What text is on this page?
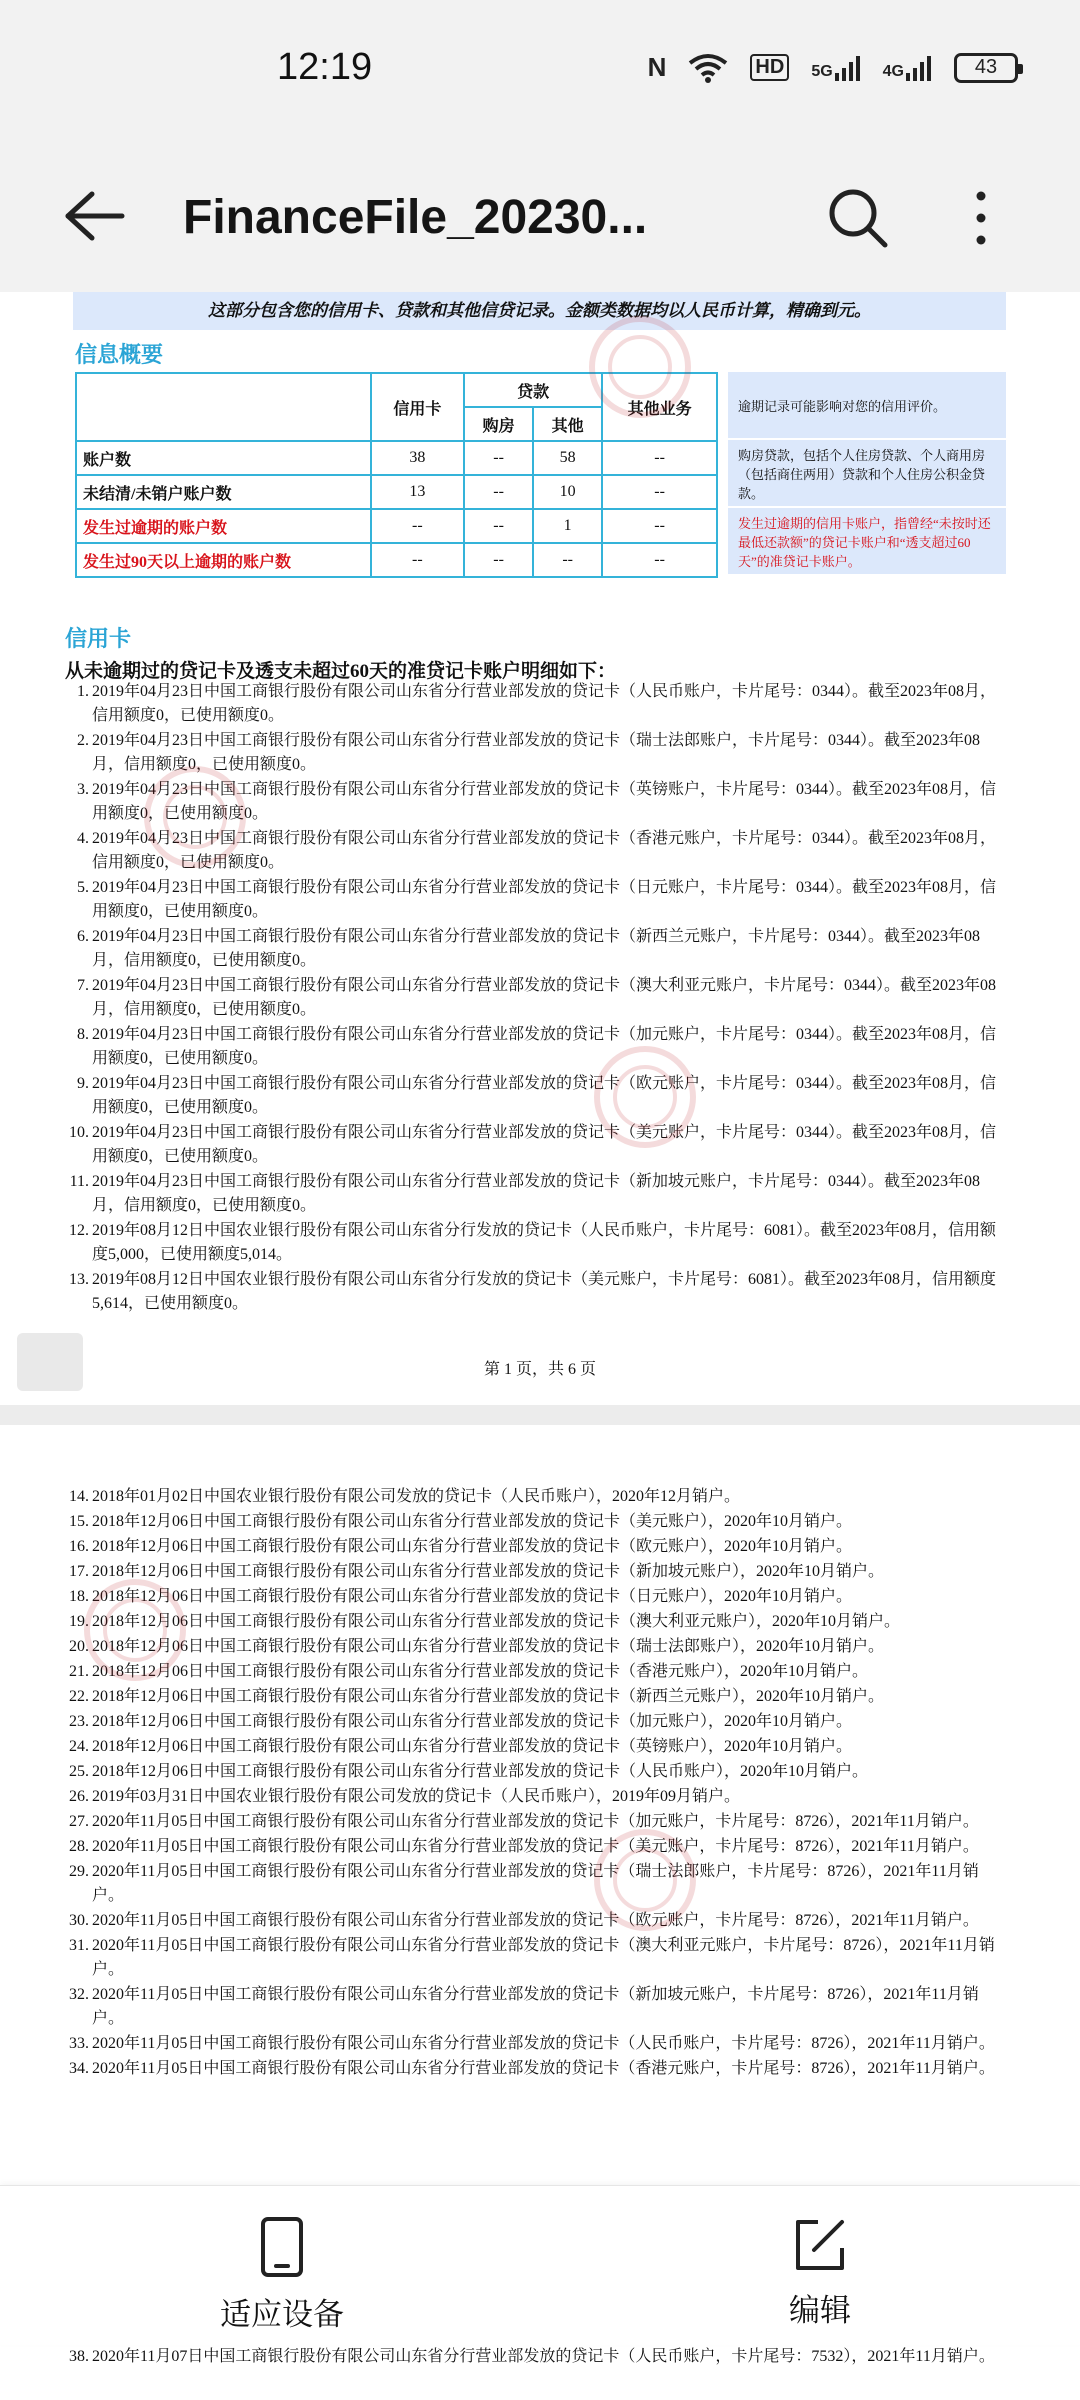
12:19	N	HD	5G	4G	43
FinanceFile_20230...
这部分包含您的信用卡、贷款和其他信贷记录。金额类数据均以人民币计算，精确到元。
信息概要
	信用卡	贷款		其他业务
		购房	其他	
账户数	38	--	58	--
未结清/未销户账户数	13	--	10	--
发生过逾期的账户数	--	--	1	--
发生过90天以上逾期的账户数	--	--	--	--
逾期记录可能影响对您的信用评价。
购房贷款，包括个人住房贷款、个人商用房（包括商住两用）贷款和个人住房公积金贷款。
发生过逾期的信用卡账户，指曾经“未按时还最低还款额”的贷记卡账户和“透支超过60天”的准贷记卡账户。
信用卡
从未逾期过的贷记卡及透支未超过60天的准贷记卡账户明细如下：
1. 2019年04月23日中国工商银行股份有限公司山东省分行营业部发放的贷记卡（人民币账户，卡片尾号：0344）。截至2023年08月，信用额度0，已使用额度0。
2. 2019年04月23日中国工商银行股份有限公司山东省分行营业部发放的贷记卡（瑞士法郎账户，卡片尾号：0344）。截至2023年08月，信用额度0，已使用额度0。
3. 2019年04月23日中国工商银行股份有限公司山东省分行营业部发放的贷记卡（英镑账户，卡片尾号：0344）。截至2023年08月，信用额度0，已使用额度0。
4. 2019年04月23日中国工商银行股份有限公司山东省分行营业部发放的贷记卡（香港元账户，卡片尾号：0344）。截至2023年08月，信用额度0，已使用额度0。
5. 2019年04月23日中国工商银行股份有限公司山东省分行营业部发放的贷记卡（日元账户，卡片尾号：0344）。截至2023年08月，信用额度0，已使用额度0。
6. 2019年04月23日中国工商银行股份有限公司山东省分行营业部发放的贷记卡（新西兰元账户，卡片尾号：0344）。截至2023年08月，信用额度0，已使用额度0。
7. 2019年04月23日中国工商银行股份有限公司山东省分行营业部发放的贷记卡（澳大利亚元账户，卡片尾号：0344）。截至2023年08月，信用额度0，已使用额度0。
8. 2019年04月23日中国工商银行股份有限公司山东省分行营业部发放的贷记卡（加元账户，卡片尾号：0344）。截至2023年08月，信用额度0，已使用额度0。
9. 2019年04月23日中国工商银行股份有限公司山东省分行营业部发放的贷记卡（欧元账户，卡片尾号：0344）。截至2023年08月，信用额度0，已使用额度0。
10. 2019年04月23日中国工商银行股份有限公司山东省分行营业部发放的贷记卡（美元账户，卡片尾号：0344）。截至2023年08月，信用额度0，已使用额度0。
11. 2019年04月23日中国工商银行股份有限公司山东省分行营业部发放的贷记卡（新加坡元账户，卡片尾号：0344）。截至2023年08月，信用额度0，已使用额度0。
12. 2019年08月12日中国农业银行股份有限公司山东省分行发放的贷记卡（人民币账户，卡片尾号：6081）。截至2023年08月，信用额度5,000，已使用额度5,014。
13. 2019年08月12日中国农业银行股份有限公司山东省分行发放的贷记卡（美元账户，卡片尾号：6081）。截至2023年08月，信用额度5,614，已使用额度0。
第 1 页，共 6 页
14. 2018年01月02日中国农业银行股份有限公司发放的贷记卡（人民币账户），2020年12月销户。
15. 2018年12月06日中国工商银行股份有限公司山东省分行营业部发放的贷记卡（美元账户），2020年10月销户。
16. 2018年12月06日中国工商银行股份有限公司山东省分行营业部发放的贷记卡（欧元账户），2020年10月销户。
17. 2018年12月06日中国工商银行股份有限公司山东省分行营业部发放的贷记卡（新加坡元账户），2020年10月销户。
18. 2018年12月06日中国工商银行股份有限公司山东省分行营业部发放的贷记卡（日元账户），2020年10月销户。
19. 2018年12月06日中国工商银行股份有限公司山东省分行营业部发放的贷记卡（澳大利亚元账户），2020年10月销户。
20. 2018年12月06日中国工商银行股份有限公司山东省分行营业部发放的贷记卡（瑞士法郎账户），2020年10月销户。
21. 2018年12月06日中国工商银行股份有限公司山东省分行营业部发放的贷记卡（香港元账户），2020年10月销户。
22. 2018年12月06日中国工商银行股份有限公司山东省分行营业部发放的贷记卡（新西兰元账户），2020年10月销户。
23. 2018年12月06日中国工商银行股份有限公司山东省分行营业部发放的贷记卡（加元账户），2020年10月销户。
24. 2018年12月06日中国工商银行股份有限公司山东省分行营业部发放的贷记卡（英镑账户），2020年10月销户。
25. 2018年12月06日中国工商银行股份有限公司山东省分行营业部发放的贷记卡（人民币账户），2020年10月销户。
26. 2019年03月31日中国农业银行股份有限公司发放的贷记卡（人民币账户），2019年09月销户。
27. 2020年11月05日中国工商银行股份有限公司山东省分行营业部发放的贷记卡（加元账户，卡片尾号：8726），2021年11月销户。
28. 2020年11月05日中国工商银行股份有限公司山东省分行营业部发放的贷记卡（美元账户，卡片尾号：8726），2021年11月销户。
29. 2020年11月05日中国工商银行股份有限公司山东省分行营业部发放的贷记卡（瑞士法郎账户，卡片尾号：8726），2021年11月销户。
30. 2020年11月05日中国工商银行股份有限公司山东省分行营业部发放的贷记卡（欧元账户，卡片尾号：8726），2021年11月销户。
31. 2020年11月05日中国工商银行股份有限公司山东省分行营业部发放的贷记卡（澳大利亚元账户，卡片尾号：8726），2021年11月销户。
32. 2020年11月05日中国工商银行股份有限公司山东省分行营业部发放的贷记卡（新加坡元账户，卡片尾号：8726），2021年11月销户。
33. 2020年11月05日中国工商银行股份有限公司山东省分行营业部发放的贷记卡（人民币账户，卡片尾号：8726），2021年11月销户。
34. 2020年11月05日中国工商银行股份有限公司山东省分行营业部发放的贷记卡（香港元账户，卡片尾号：8726），2021年11月销户。
适应设备	编辑
38. 2020年11月07日中国工商银行股份有限公司山东省分行营业部发放的贷记卡（人民币账户，卡片尾号：7532），2021年11月销户。
